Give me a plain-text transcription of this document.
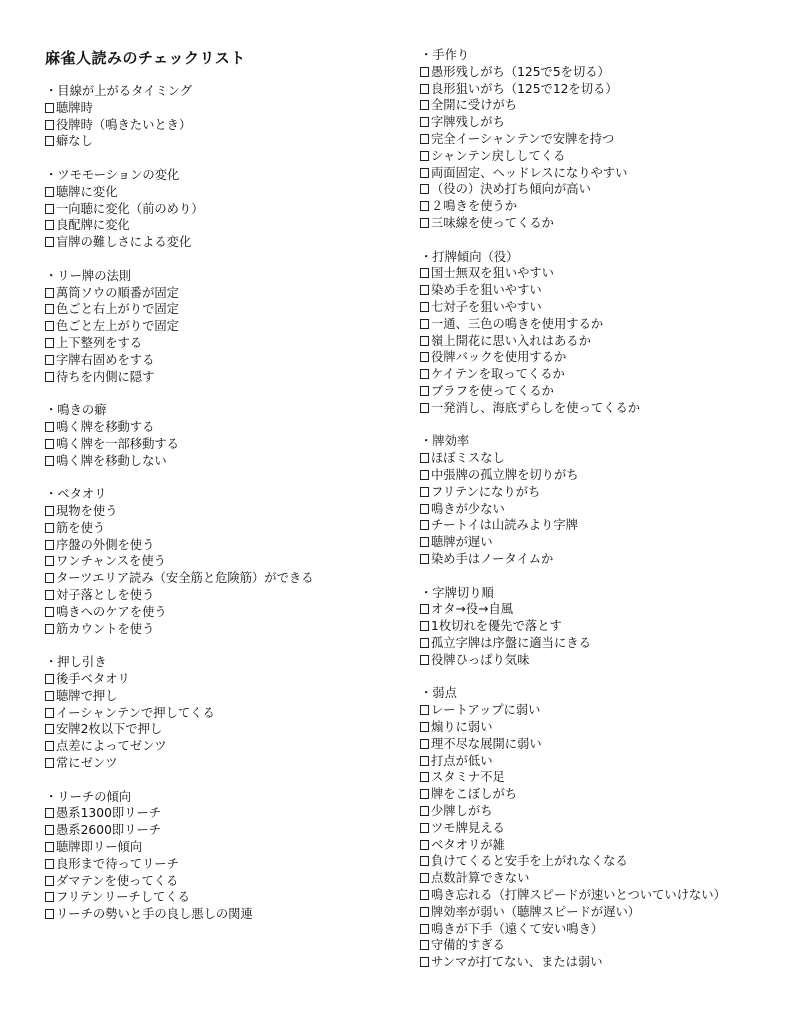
麻雀人読みのチェックリスト

・目線が上がるタイミング

聴牌時
役牌時（鳴きたいとき）
癖なし

・ツモモーションの変化

聴牌に変化
一向聴に変化（前のめり）
良配牌に変化
盲牌の難しさによる変化

・リー牌の法則

萬筒ソウの順番が固定
色ごと右上がりで固定
色ごと左上がりで固定
上下整列をする
字牌右固めをする
待ちを内側に隠す

・鳴きの癖

鳴く牌を移動する
鳴く牌を一部移動する
鳴く牌を移動しない

・ベタオリ

現物を使う
筋を使う
序盤の外側を使う
ワンチャンスを使う
ターツエリア読み（安全筋と危険筋）ができる
対子落としを使う
鳴きへのケアを使う
筋カウントを使う

・押し引き

後手ベタオリ
聴牌で押し
イーシャンテンで押してくる
安牌2枚以下で押し
点差によってゼンツ
常にゼンツ

・リーチの傾向

愚系1300即リーチ
愚系2600即リーチ
聴牌即リー傾向
良形まで待ってリーチ
ダマテンを使ってくる
フリテンリーチしてくる
リーチの勢いと手の良し悪しの関連

・手作り

愚形残しがち（125で5を切る）
良形狙いがち（125で12を切る）
全開に受けがち
字牌残しがち
完全イーシャンテンで安牌を持つ
シャンテン戻ししてくる
両面固定、ヘッドレスになりやすい
（役の）決め打ち傾向が高い
２鳴きを使うか
三味線を使ってくるか

・打牌傾向（役）

国士無双を狙いやすい
染め手を狙いやすい
七対子を狙いやすい
一通、三色の鳴きを使用するか
嶺上開花に思い入れはあるか
役牌バックを使用するか
ケイテンを取ってくるか
ブラフを使ってくるか
一発消し、海底ずらしを使ってくるか

・牌効率

ほぼミスなし
中張牌の孤立牌を切りがち
フリテンになりがち
鳴きが少ない
チートイは山読みより字牌
聴牌が遅い
染め手はノータイムか

・字牌切り順

オタ→役→自風
1枚切れを優先で落とす
孤立字牌は序盤に適当にきる
役牌ひっぱり気味

・弱点

レートアップに弱い
煽りに弱い
理不尽な展開に弱い
打点が低い
スタミナ不足
牌をこぼしがち
少牌しがち
ツモ牌見える
ベタオリが雑
負けてくると安手を上がれなくなる
点数計算できない
鳴き忘れる（打牌スピードが速いとついていけない）
牌効率が弱い（聴牌スピードが遅い）
鳴きが下手（遠くて安い鳴き）
守備的すぎる
サンマが打てない、または弱い
